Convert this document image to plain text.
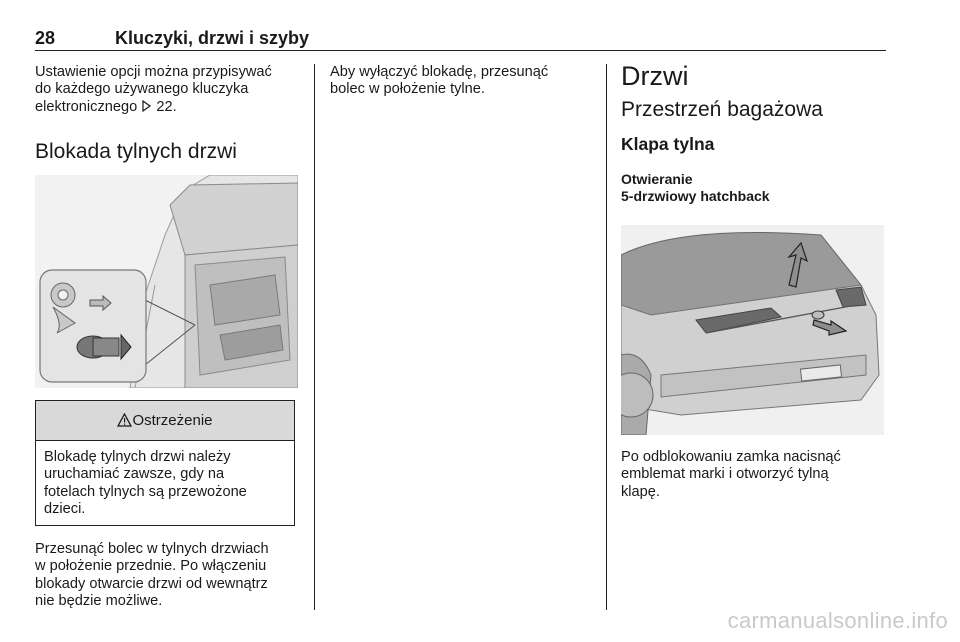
28	Kluczyki, drzwi i szyby

Ustawienie opcji można przypisywać
do każdego używanego kluczyka
elektronicznego 22.

Blokada tylnych drzwi
Ostrzeżenie
Blokadę tylnych drzwi należy
uruchamiać zawsze, gdy na
fotelach tylnych są przewożone
dzieci.

Przesunąć bolec w tylnych drzwiach
w położenie przednie. Po włączeniu
blokady otwarcie drzwi od wewnątrz
nie będzie możliwe.

Aby wyłączyć blokadę, przesunąć
bolec w położenie tylne.	Drzwi
Przestrzeń bagażowa
Klapa tylna
Otwieranie
5-drzwiowy hatchback

Po odblokowaniu zamka nacisnąć
emblemat marki i otworzyć tylną
klapę.

carmanualsonline.info
